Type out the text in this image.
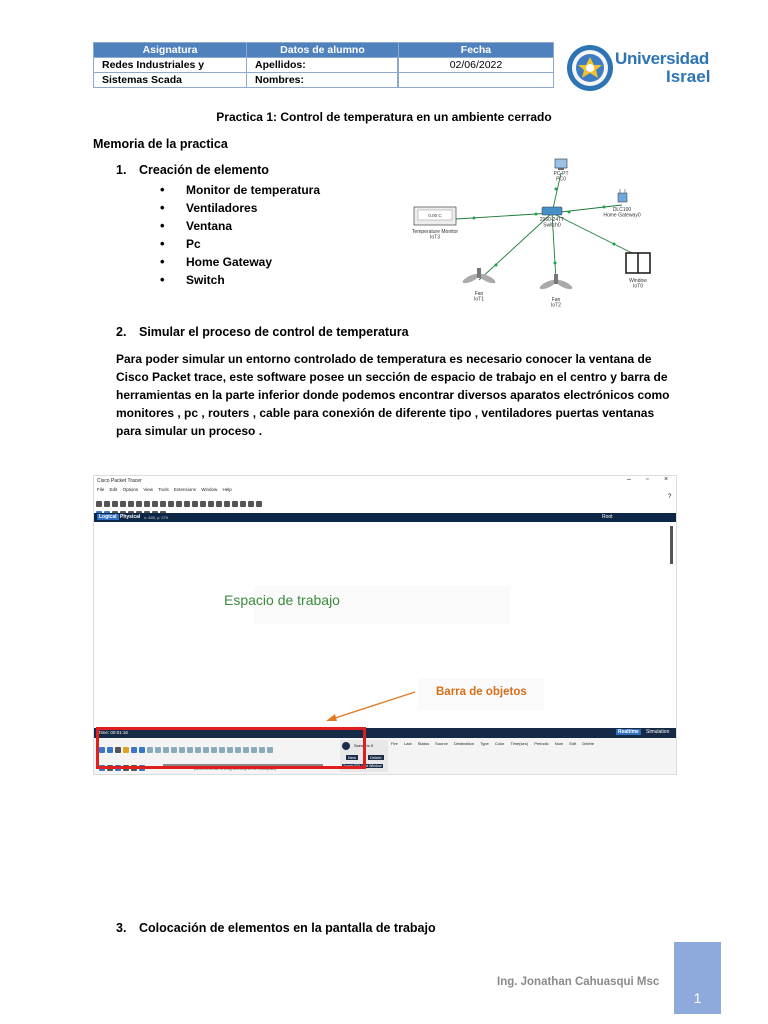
Asignatura	Datos de alumno	Fecha
Redes Industriales y	Apellidos:		02/06/2022
Sistemas Scada	Nombres:		
Universidad
Israel
Practica 1: Control de temperatura en un ambiente cerrado
Memoria de la practica
1. Creación de elemento
• Monitor de temperatura
• Ventiladores
• Ventana
• Pc
• Home Gateway
• Switch
PC-PT PC0
2960-24TT Switch0
DLC100 Home Gateway0
0.00 C
Temperature Monitor IoT3
Fan IoT1	Fan IoT2
Window IoT0
2. Simular el proceso de control de temperatura
Para poder simular un entorno controlado de temperatura es necesario conocer la ventana de Cisco Packet trace, este software posee un sección de espacio de trabajo en el centro y barra de herramientas en la parte inferior donde podemos encontrar diversos aparatos electrónicos como monitores , pc , routers , cable para conexión de diferente tipo , ventiladores puertas ventanas para simular un proceso .
Cisco Packet Tracer	– ▫ ×
File Edit Options View Tools Extensions Window Help
?
Logical Physical x: 465, y: 279	Root
Time: 00:01:16	Realtime	Simulation
[Select a Device to Drag and Drop to the Workspace]
Scenario 0
New	Delete
Toggle PDU List Window
Fire Last Status Source Destination Type Color Time(sec) Periodic Num Edit Delete
Espacio de trabajo
Barra de objetos
3. Colocación de elementos en la pantalla de trabajo
Ing. Jonathan Cahuasqui Msc
1
